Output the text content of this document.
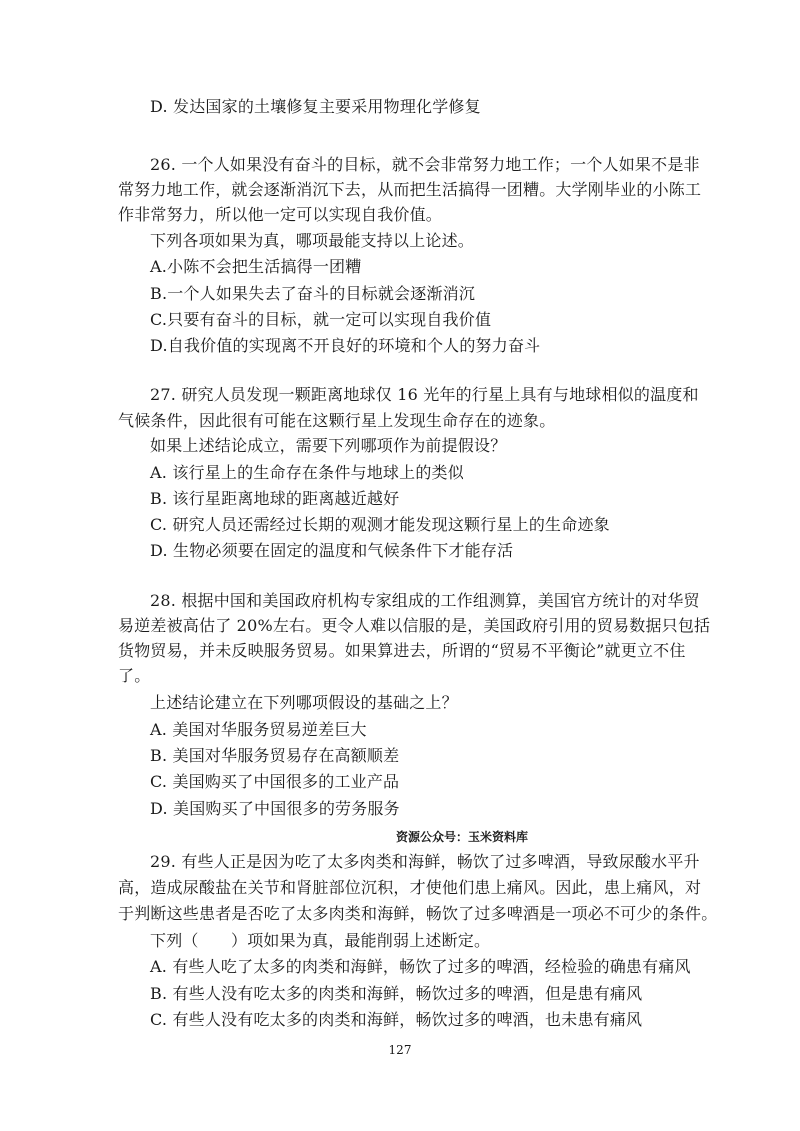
D. 发达国家的土壤修复主要采用物理化学修复
26. 一个人如果没有奋斗的目标，就不会非常努力地工作；一个人如果不是非
常努力地工作，就会逐渐消沉下去，从而把生活搞得一团糟。大学刚毕业的小陈工
作非常努力，所以他一定可以实现自我价值。
下列各项如果为真，哪项最能支持以上论述。
A.小陈不会把生活搞得一团糟
B.一个人如果失去了奋斗的目标就会逐渐消沉
C.只要有奋斗的目标，就一定可以实现自我价值
D.自我价值的实现离不开良好的环境和个人的努力奋斗
27. 研究人员发现一颗距离地球仅 16 光年的行星上具有与地球相似的温度和
气候条件，因此很有可能在这颗行星上发现生命存在的迹象。
如果上述结论成立，需要下列哪项作为前提假设？
A. 该行星上的生命存在条件与地球上的类似
B. 该行星距离地球的距离越近越好
C. 研究人员还需经过长期的观测才能发现这颗行星上的生命迹象
D. 生物必须要在固定的温度和气候条件下才能存活
28. 根据中国和美国政府机构专家组成的工作组测算，美国官方统计的对华贸
易逆差被高估了 20%左右。更令人难以信服的是，美国政府引用的贸易数据只包括
货物贸易，并未反映服务贸易。如果算进去，所谓的“贸易不平衡论”就更立不住
了。
上述结论建立在下列哪项假设的基础之上？
A. 美国对华服务贸易逆差巨大
B. 美国对华服务贸易存在高额顺差
C. 美国购买了中国很多的工业产品
D. 美国购买了中国很多的劳务服务
资源公众号：玉米资料库
29. 有些人正是因为吃了太多肉类和海鲜，畅饮了过多啤酒，导致尿酸水平升
高，造成尿酸盐在关节和肾脏部位沉积，才使他们患上痛风。因此，患上痛风，对
于判断这些患者是否吃了太多肉类和海鲜，畅饮了过多啤酒是一项必不可少的条件。
下列（　　）项如果为真，最能削弱上述断定。
A. 有些人吃了太多的肉类和海鲜，畅饮了过多的啤酒，经检验的确患有痛风
B. 有些人没有吃太多的肉类和海鲜，畅饮过多的啤酒，但是患有痛风
C. 有些人没有吃太多的肉类和海鲜，畅饮过多的啤酒，也未患有痛风
127
